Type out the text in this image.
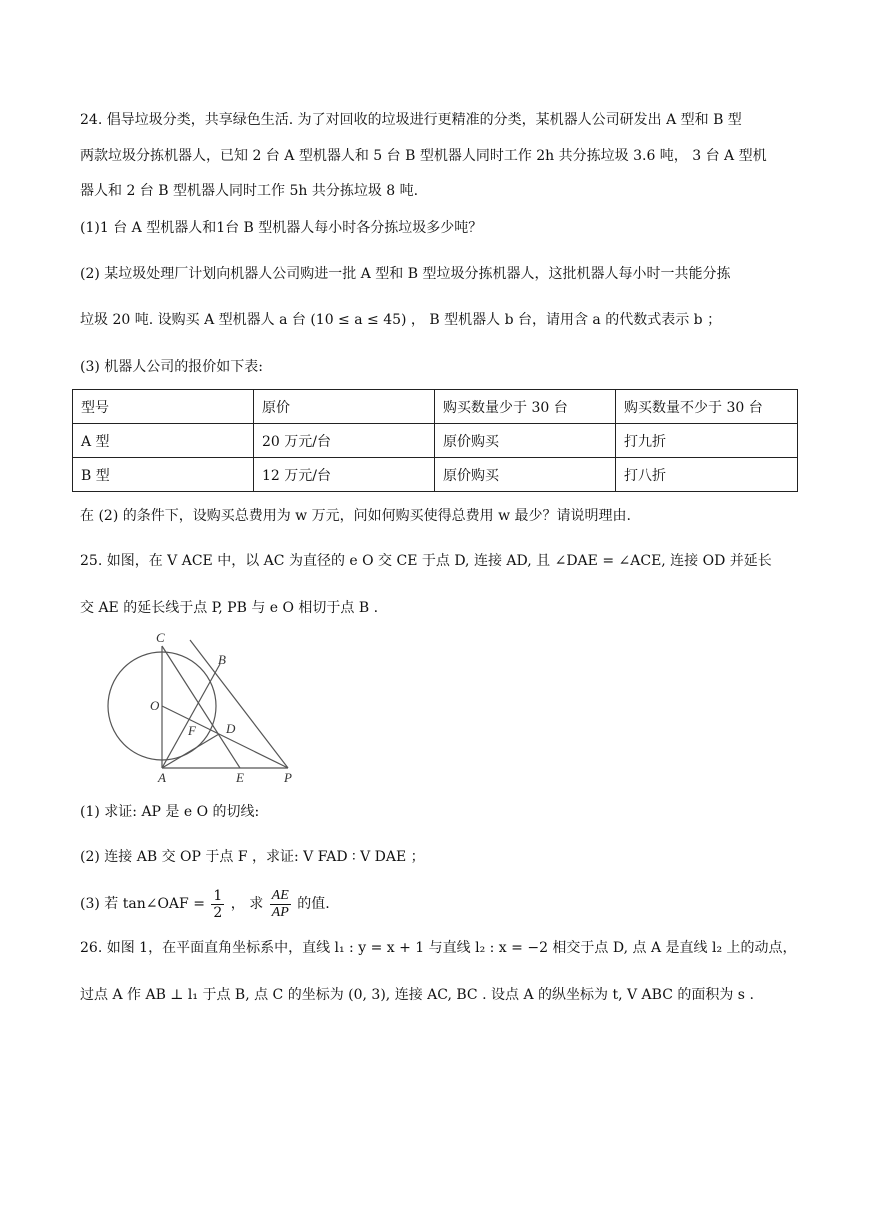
24. 倡导垃圾分类，共享绿色生活. 为了对回收的垃圾进行更精准的分类，某机器人公司研发出 A 型和 B 型
两款垃圾分拣机器人，已知 2 台 A 型机器人和 5 台 B 型机器人同时工作 2h 共分拣垃圾 3.6 吨， 3 台 A 型机
器人和 2 台 B 型机器人同时工作 5h 共分拣垃圾 8 吨.
(1)1 台 A 型机器人和1台 B 型机器人每小时各分拣垃圾多少吨？
(2) 某垃圾处理厂计划向机器人公司购进一批 A 型和 B 型垃圾分拣机器人，这批机器人每小时一共能分拣
垃圾 20 吨. 设购买 A 型机器人 a 台 (10 ≤ a ≤ 45) ， B 型机器人 b 台，请用含 a 的代数式表示 b ；
(3) 机器人公司的报价如下表:
型号	原价	购买数量少于 30 台	购买数量不少于 30 台
A 型	20 万元/台	原价购买	打九折
B 型	12 万元/台	原价购买	打八折
在 (2) 的条件下，设购买总费用为 w 万元，问如何购买使得总费用 w 最少？请说明理由.
25. 如图，在 V ACE 中，以 AC 为直径的 e O 交 CE 于点 D, 连接 AD, 且 ∠DAE = ∠ACE, 连接 OD 并延长
交 AE 的延长线于点 P, PB 与 e O 相切于点 B .
C
B
O
F D
A	E	P
(1) 求证: AP 是 e O 的切线:
(2) 连接 AB 交 OP 于点 F ，求证: V FAD ∶ V DAE ；
(3) 若 tan∠OAF = $\frac{1}{2}$ ， 求 $\frac{AE}{AP}$ 的值.
26. 如图 1，在平面直角坐标系中，直线 l₁ : y = x + 1 与直线 l₂ : x = −2 相交于点 D, 点 A 是直线 l₂ 上的动点，
过点 A 作 AB ⊥ l₁ 于点 B, 点 C 的坐标为 (0, 3), 连接 AC, BC . 设点 A 的纵坐标为 t, V ABC 的面积为 s .
